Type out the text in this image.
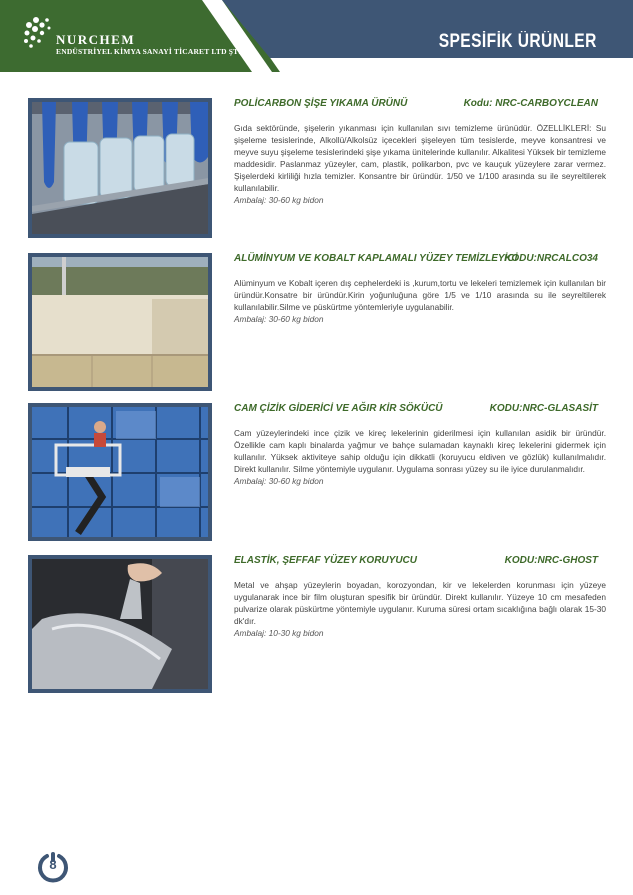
NURCHEM
ENDÜSTRİYEL KİMYA SANAYİ TİCARET LTD ŞTİ	SPESİFİK ÜRÜNLER
POLİCARBON ŞİŞE YIKAMA ÜRÜNÜ	Kodu: NRC-CARBOYCLEAN
Gıda sektöründe, şişelerin yıkanması için kullanılan sıvı temizleme ürünüdür. ÖZELLİKLERİ: Su şişeleme tesislerinde, Alkollü/Alkolsüz içecekleri şişeleyen tüm tesislerde, meyve konsantresi ve meyve suyu şişeleme tesislerindeki şişe yıkama ünitelerinde kullanılır. Alkalitesi Yüksek bir temizleme maddesidir. Paslanmaz yüzeyler, cam, plastik, polikarbon, pvc ve kauçuk yüzeylere zarar vermez. Şişelerdeki kirliliği hızla temizler. Konsantre bir üründür. 1/50 ve 1/100 arasında su ile seyreltilerek kullanılabilir.
Ambalaj: 30-60 kg bidon
ALÜMİNYUM VE KOBALT KAPLAMALI YÜZEY TEMİZLEYİCİ
KODU:NRCALCO34
Alüminyum ve Kobalt içeren dış cephelerdeki is ,kurum,tortu ve lekeleri temizlemek için kullanılan bir üründür.Konsatre bir üründür.Kirin yoğunluğuna göre 1/5 ve 1/10 arasında su ile seyreltilerek kullanılabilir.Silme ve püskürtme yöntemleriyle uygulanabilir.
Ambalaj: 30-60 kg bidon
CAM ÇİZİK GİDERİCİ VE AĞIR KİR SÖKÜCÜ	KODU:NRC-GLASASİT
Cam yüzeylerindeki ince çizik ve kireç lekelerinin giderilmesi için kullanılan asidik bir üründür. Özellikle cam kaplı binalarda yağmur ve bahçe sulamadan kaynaklı kireç lekelerini gidermek için kullanılır. Yüksek aktiviteye sahip olduğu için dikkatli (koruyucu eldiven ve gözlük) kullanılmalıdır. Direkt kullanılır. Silme yöntemiyle uygulanır. Uygulama sonrası yüzey su ile iyice durulanmalıdır.
Ambalaj: 30-60 kg bidon
ELASTİK, ŞEFFAF YÜZEY KORUYUCU	KODU:NRC-GHOST
Metal ve ahşap yüzeylerin boyadan, korozyondan, kir ve lekelerden korunması için yüzeye uygulanarak ince bir film oluşturan spesifik bir üründür. Direkt kullanılır. Yüzeye 10 cm mesafeden pulvarize olarak püskürtme yöntemiyle uygulanır. Kuruma süresi ortam sıcaklığına bağlı olarak 15-30 dk'dır.
Ambalaj: 10-30 kg bidon
8
